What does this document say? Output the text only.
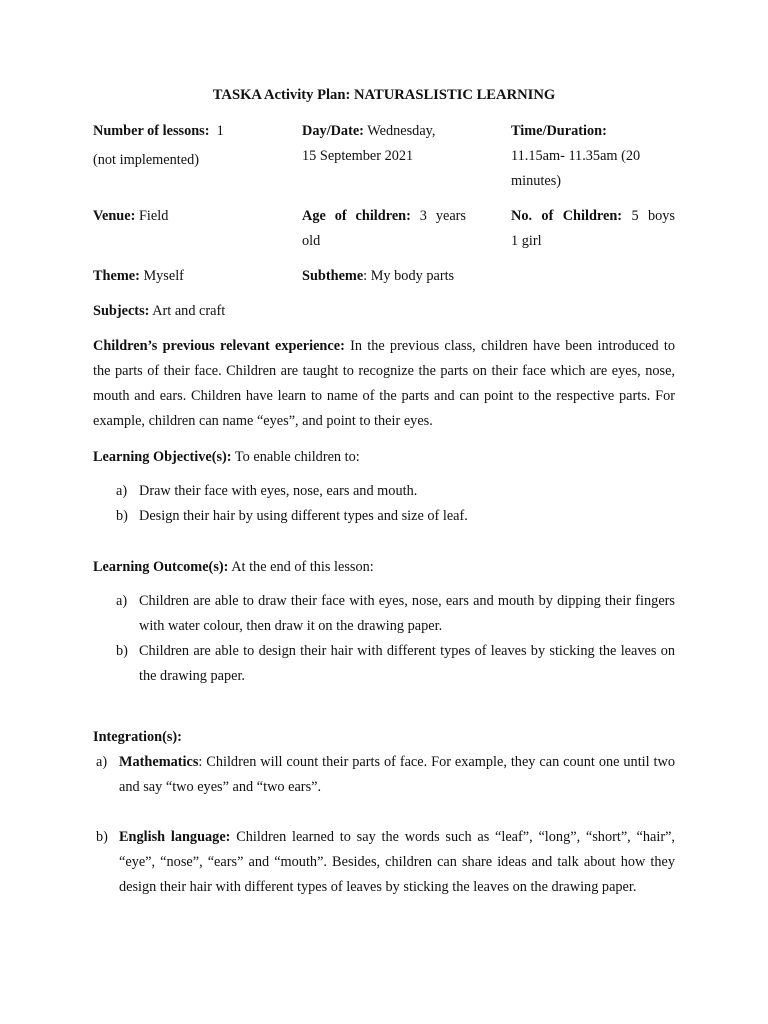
TASKA Activity Plan: NATURASLISTIC LEARNING
Number of lessons: 1
(not implemented)
Day/Date: Wednesday,
15 September 2021
Time/Duration:
11.15am- 11.35am (20
minutes)
Venue: Field	Age of children: 3 years
old
No. of Children: 5 boys
1 girl
Theme: Myself	Subtheme: My body parts
Subjects: Art and craft
Children’s previous relevant experience: In the previous class, children have been introduced to the parts of their face. Children are taught to recognize the parts on their face which are eyes, nose, mouth and ears. Children have learn to name of the parts and can point to the respective parts. For example, children can name “eyes”, and point to their eyes.
Learning Objective(s): To enable children to:
a) Draw their face with eyes, nose, ears and mouth.
b) Design their hair by using different types and size of leaf.
Learning Outcome(s): At the end of this lesson:
a) Children are able to draw their face with eyes, nose, ears and mouth by dipping their fingers with water colour, then draw it on the drawing paper.
b) Children are able to design their hair with different types of leaves by sticking the leaves on the drawing paper.
Integration(s):
a) Mathematics: Children will count their parts of face. For example, they can count one until two and say “two eyes” and “two ears”.
b) English language: Children learned to say the words such as “leaf”, “long”, “short”, “hair”, “eye”, “nose”, “ears” and “mouth”. Besides, children can share ideas and talk about how they design their hair with different types of leaves by sticking the leaves on the drawing paper.
